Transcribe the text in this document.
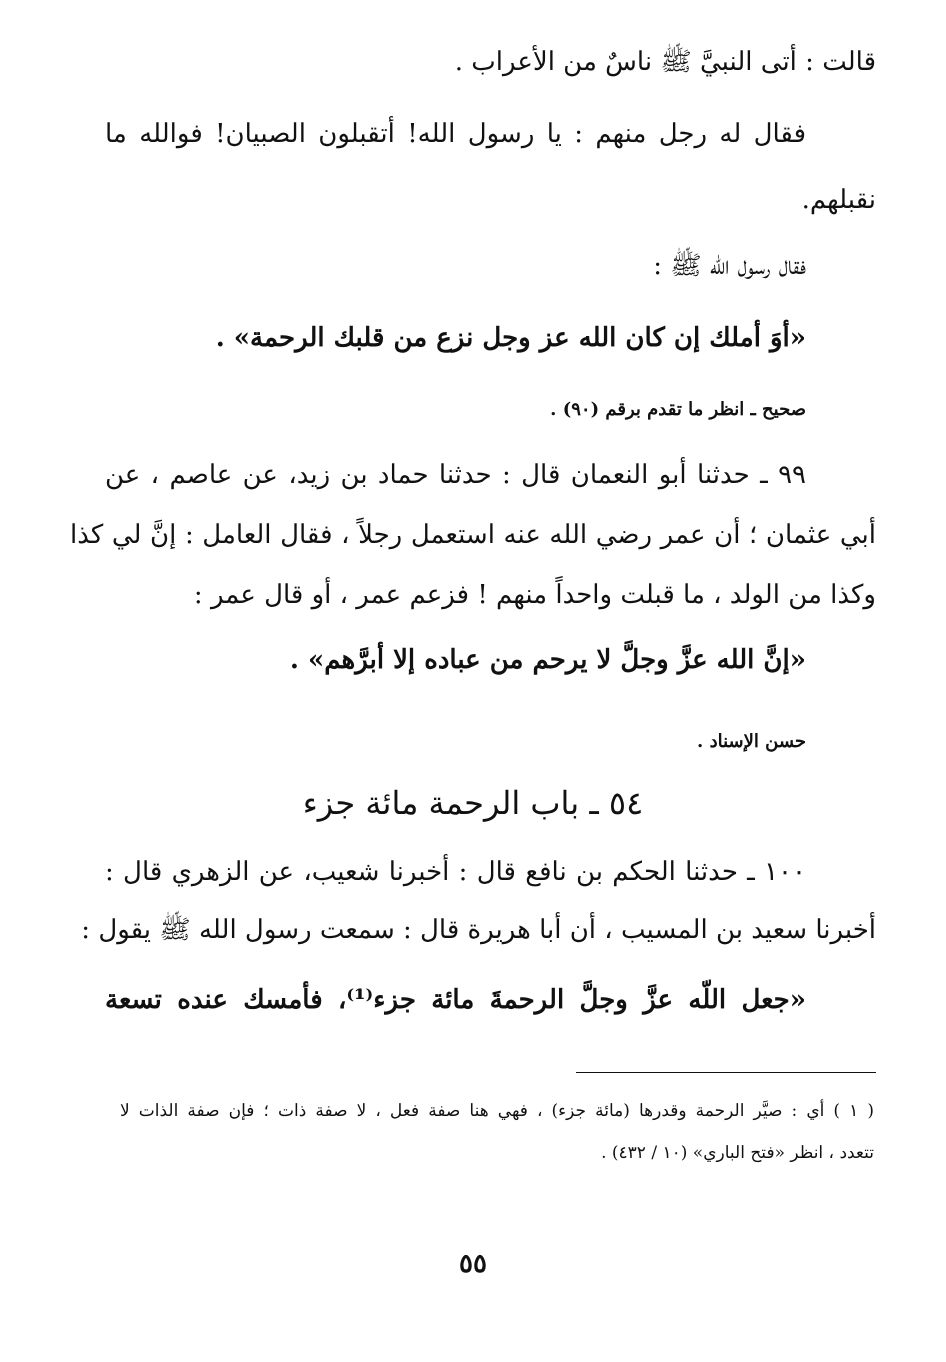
قالت : أتى النبيَّ ﷺ ناسٌ من الأعراب .
فقال له رجل منهم : يا رسول الله! أتقبلون الصبيان! فوالله ما
نقبلهم.
فقال رسول الله ﷺ :
«أوَ أملك إن كان الله عز وجل نزع من قلبك الرحمة» .
صحيح ـ انظر ما تقدم برقم (٩٠) .
٩٩ ـ حدثنا أبو النعمان قال : حدثنا حماد بن زيد، عن عاصم ، عن
أبي عثمان ؛ أن عمر رضي الله عنه استعمل رجلاً ، فقال العامل : إنَّ لي كذا
وكذا من الولد ، ما قبلت واحداً منهم ! فزعم عمر ، أو قال عمر :
«إنَّ الله عزَّ وجلَّ لا يرحم من عباده إلا أبرَّهم» .
حسن الإسناد .
٥٤ ـ باب الرحمة مائة جزء
١٠٠ ـ حدثنا الحكم بن نافع قال : أخبرنا شعيب، عن الزهري قال :
أخبرنا سعيد بن المسيب ، أن أبا هريرة قال : سمعت رسول الله ﷺ يقول :
«جعل اللّه عزَّ وجلَّ الرحمةَ مائة جزء⁽¹⁾، فأمسك عنده تسعة
( ١ ) أي : صيَّر الرحمة وقدرها (مائة جزء) ، فهي هنا صفة فعل ، لا صفة ذات ؛ فإن صفة الذات لا
تتعدد ، انظر «فتح الباري» (١٠ / ٤٣٢) .
٥٥
